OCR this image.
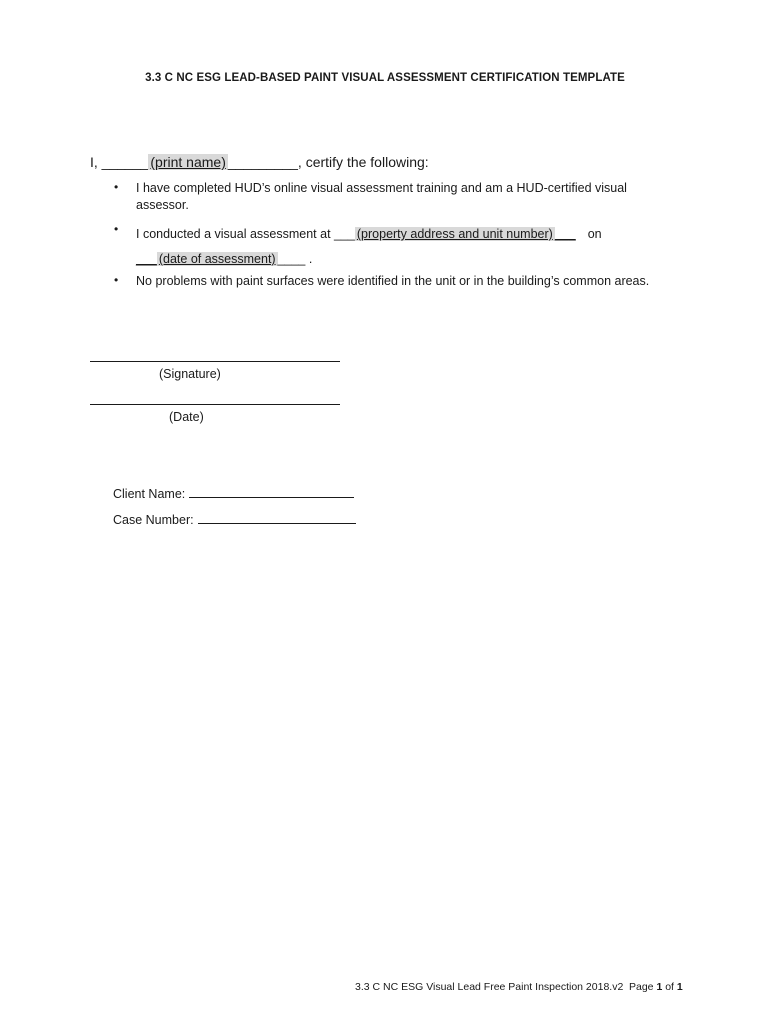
3.3 C NC ESG LEAD-BASED PAINT VISUAL ASSESSMENT CERTIFICATION TEMPLATE
I, ______ (print name) _________, certify the following:
• I have completed HUD’s online visual assessment training and am a HUD-certified visual assessor.
• I conducted a visual assessment at ___ (property address and unit number) ___ on
___ (date of assessment) ____ .
• No problems with paint surfaces were identified in the unit or in the building’s common areas.
(Signature)
(Date)
Client Name:
Case Number:
3.3 C NC ESG Visual Lead Free Paint Inspection 2018.v2 Page 1 of 1
